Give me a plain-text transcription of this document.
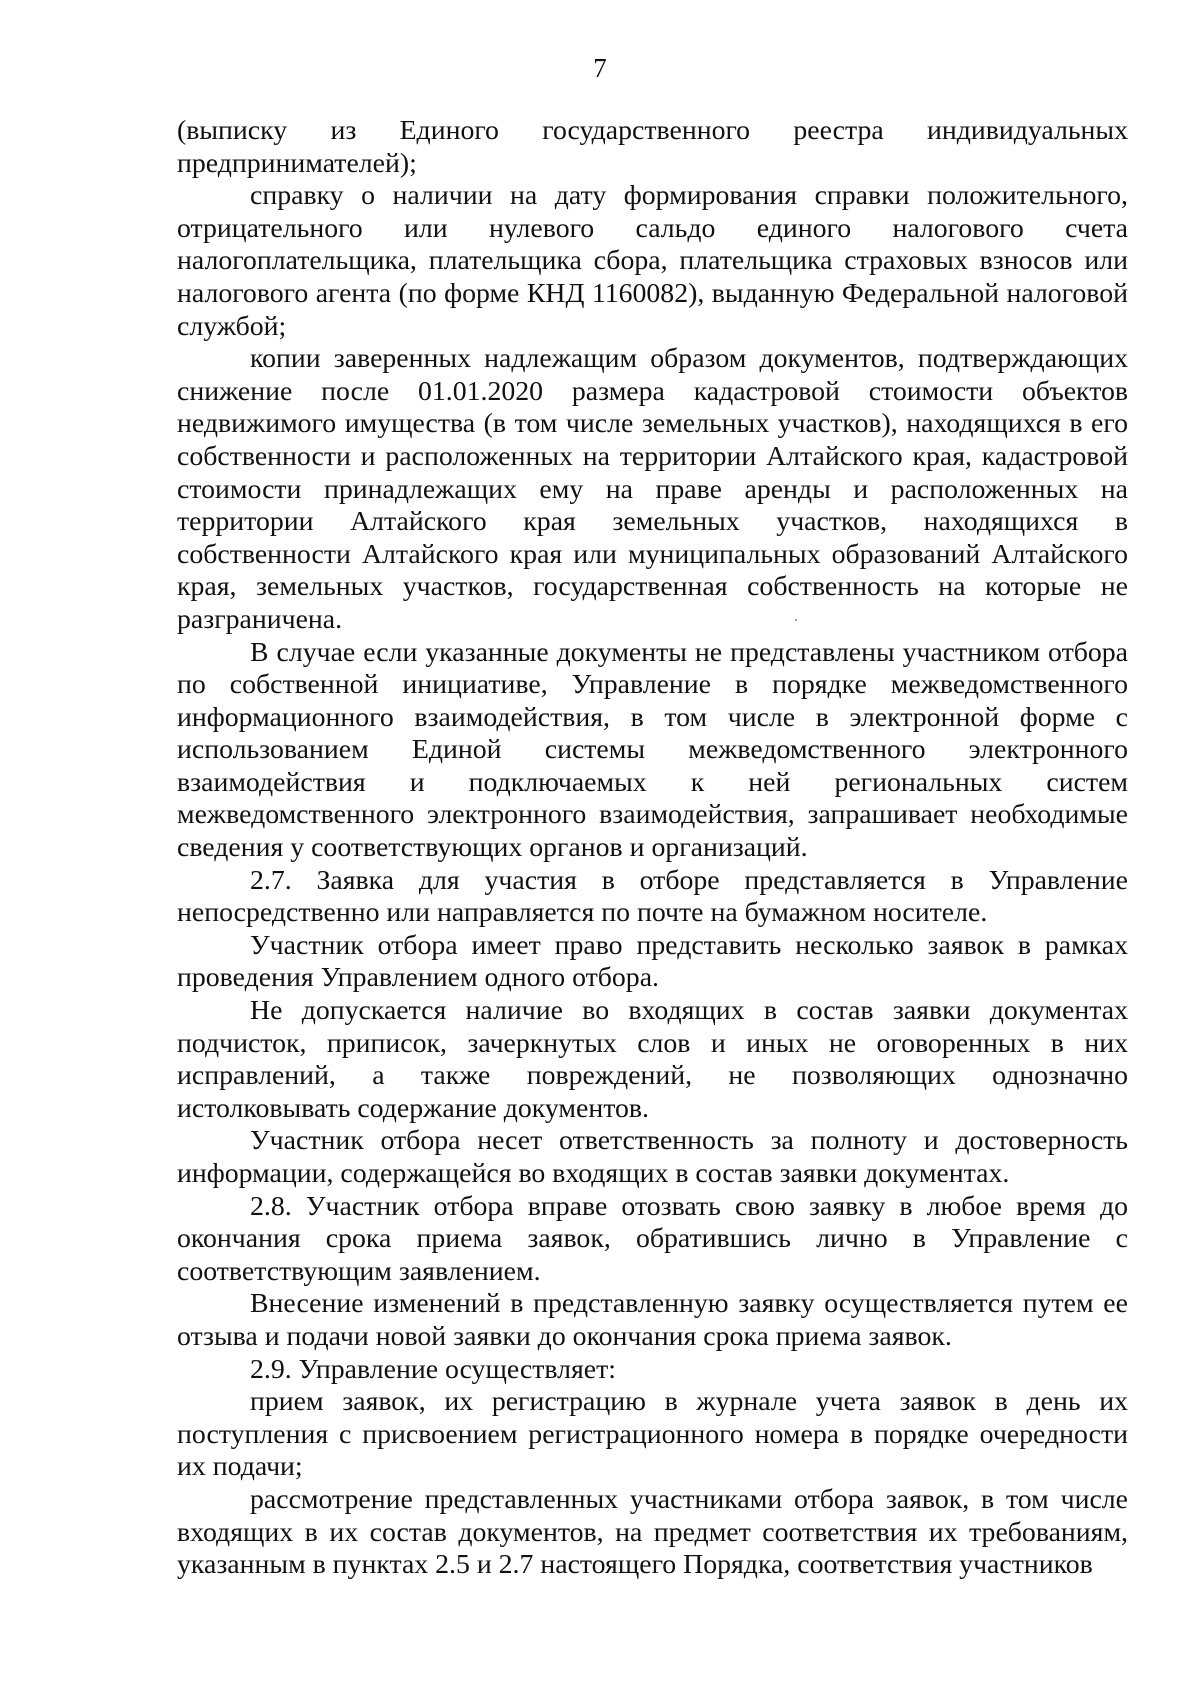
7

(выписку из Единого государственного реестра индивидуальных предпринимателей);

справку о наличии на дату формирования справки положительного, отрицательного или нулевого сальдо единого налогового счета налогоплательщика, плательщика сбора, плательщика страховых взносов или налогового агента (по форме КНД 1160082), выданную Федеральной налоговой службой;

копии заверенных надлежащим образом документов, подтверждающих снижение после 01.01.2020 размера кадастровой стоимости объектов недвижимого имущества (в том числе земельных участков), находящихся в его собственности и расположенных на территории Алтайского края, кадастровой стоимости принадлежащих ему на праве аренды и расположенных на территории Алтайского края земельных участков, находящихся в собственности Алтайского края или муниципальных образований Алтайского края, земельных участков, государственная собственность на которые не разграничена.

В случае если указанные документы не представлены участником отбора по собственной инициативе, Управление в порядке межведомственного информационного взаимодействия, в том числе в электронной форме с использованием Единой системы межведомственного электронного взаимодействия и подключаемых к ней региональных систем межведомственного электронного взаимодействия, запрашивает необходимые сведения у соответствующих органов и организаций.

2.7. Заявка для участия в отборе представляется в Управление непосредственно или направляется по почте на бумажном носителе.

Участник отбора имеет право представить несколько заявок в рамках проведения Управлением одного отбора.

Не допускается наличие во входящих в состав заявки документах подчисток, приписок, зачеркнутых слов и иных не оговоренных в них исправлений, а также повреждений, не позволяющих однозначно истолковывать содержание документов.

Участник отбора несет ответственность за полноту и достоверность информации, содержащейся во входящих в состав заявки документах.

2.8. Участник отбора вправе отозвать свою заявку в любое время до окончания срока приема заявок, обратившись лично в Управление с соответствующим заявлением.

Внесение изменений в представленную заявку осуществляется путем ее отзыва и подачи новой заявки до окончания срока приема заявок.

2.9. Управление осуществляет:

прием заявок, их регистрацию в журнале учета заявок в день их поступления с присвоением регистрационного номера в порядке очередности их подачи;

рассмотрение представленных участниками отбора заявок, в том числе входящих в их состав документов, на предмет соответствия их требованиям, указанным в пунктах 2.5 и 2.7 настоящего Порядка, соответствия участников
